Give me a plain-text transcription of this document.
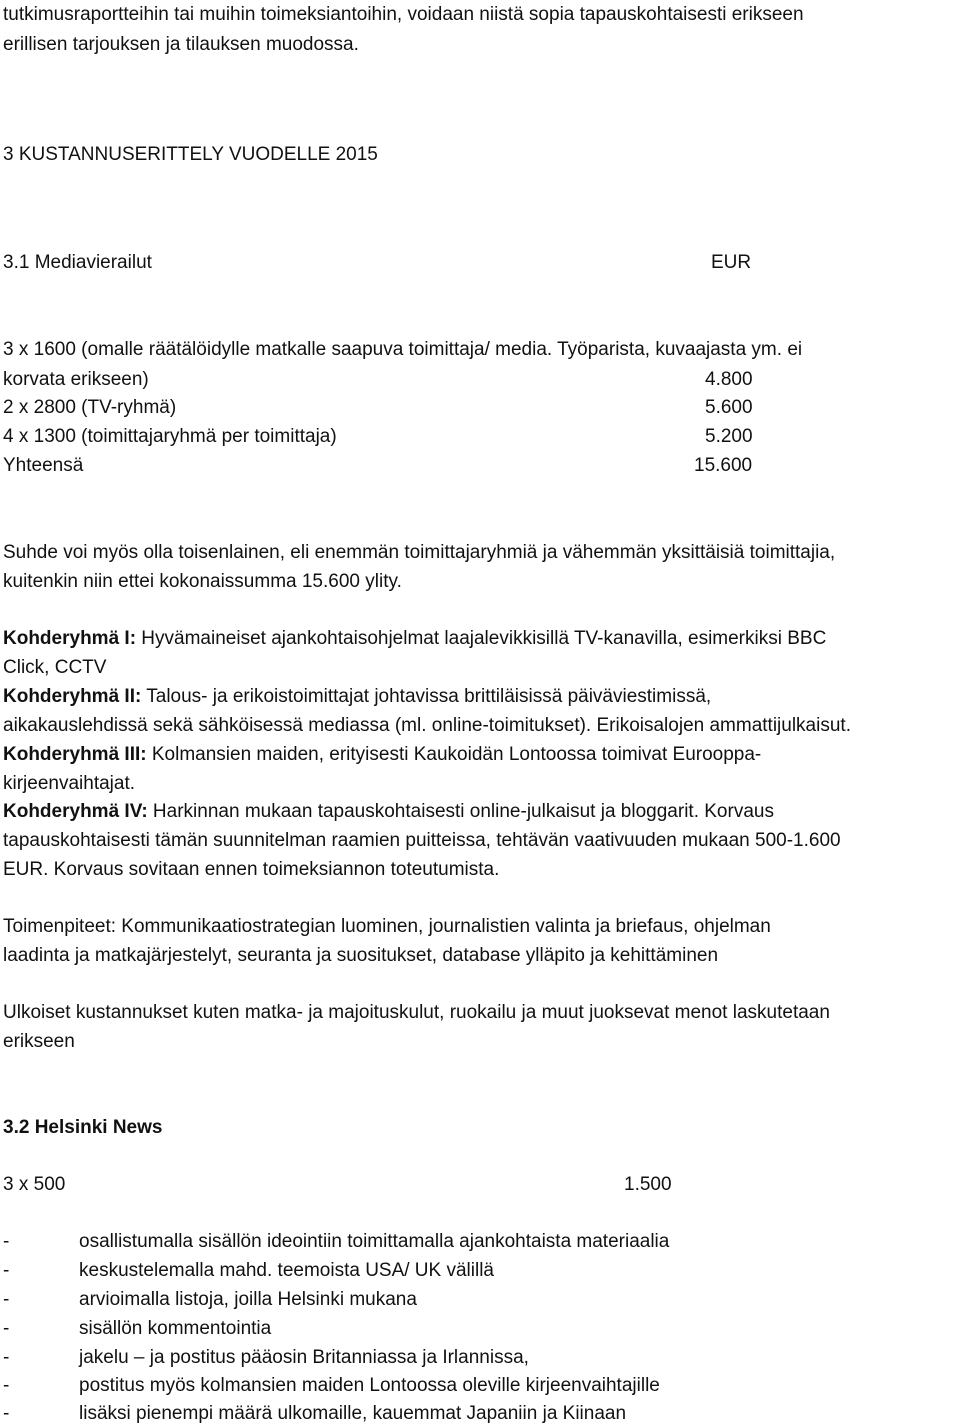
tutkimusraportteihin tai muihin toimeksiantoihin, voidaan niistä sopia tapauskohtaisesti erikseen
erillisen tarjouksen ja tilauksen muodossa.
3 KUSTANNUSERITTELY VUODELLE 2015
3.1 Mediavierailut	EUR
3 x 1600 (omalle räätälöidylle matkalle saapuva toimittaja/ media. Työparista, kuvaajasta ym. ei
korvata erikseen)	4.800
2 x 2800 (TV-ryhmä)	5.600
4 x 1300 (toimittajaryhmä per toimittaja)	5.200
Yhteensä	15.600
Suhde voi myös olla toisenlainen, eli enemmän toimittajaryhmiä ja vähemmän yksittäisiä toimittajia,
kuitenkin niin ettei kokonaissumma 15.600 ylity.
Kohderyhmä I: Hyvämaineiset ajankohtaisohjelmat laajalevikkisillä TV-kanavilla, esimerkiksi BBC
Click, CCTV
Kohderyhmä II: Talous- ja erikoistoimittajat johtavissa brittiläisissä päiväviestimissä,
aikakauslehdissä sekä sähköisessä mediassa (ml. online-toimitukset). Erikoisalojen ammattijulkaisut.
Kohderyhmä III: Kolmansien maiden, erityisesti Kaukoidän Lontoossa toimivat Eurooppa-
kirjeenvaihtajat.
Kohderyhmä IV: Harkinnan mukaan tapauskohtaisesti online-julkaisut ja bloggarit. Korvaus
tapauskohtaisesti tämän suunnitelman raamien puitteissa, tehtävän vaativuuden mukaan 500-1.600
EUR. Korvaus sovitaan ennen toimeksiannon toteutumista.
Toimenpiteet: Kommunikaatiostrategian luominen, journalistien valinta ja briefaus, ohjelman
laadinta ja matkajärjestelyt, seuranta ja suositukset, database ylläpito ja kehittäminen
Ulkoiset kustannukset kuten matka- ja majoituskulut, ruokailu ja muut juoksevat menot laskutetaan
erikseen
3.2 Helsinki News
3 x 500	1.500
-	osallistumalla sisällön ideointiin toimittamalla ajankohtaista materiaalia
-	keskustelemalla mahd. teemoista USA/ UK välillä
-	arvioimalla listoja, joilla Helsinki mukana
-	sisällön kommentointia
-	jakelu – ja postitus pääosin Britanniassa ja Irlannissa,
-	postitus myös kolmansien maiden Lontoossa oleville kirjeenvaihtajille
-	lisäksi pienempi määrä ulkomaille, kauemmat Japaniin ja Kiinaan
